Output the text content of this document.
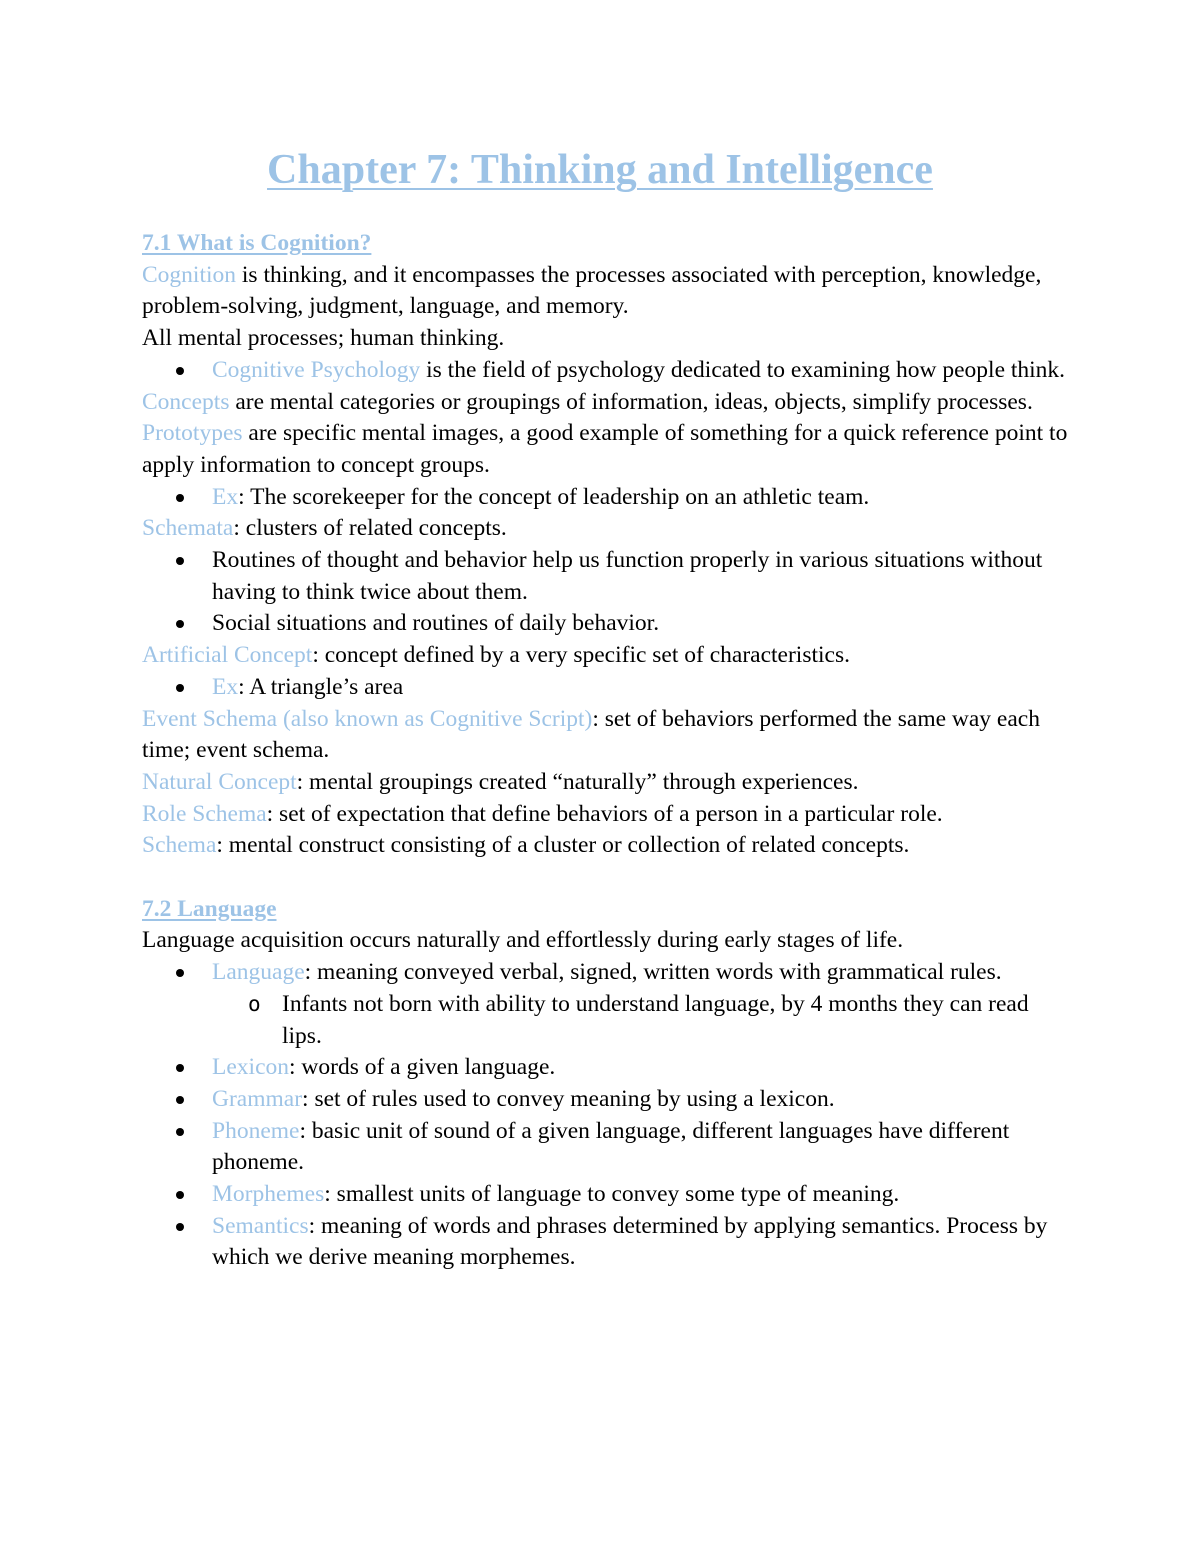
Chapter 7: Thinking and Intelligence

7.1 What is Cognition?

Cognition is thinking, and it encompasses the processes associated with perception, knowledge, problem-solving, judgment, language, and memory.

All mental processes; human thinking.

Cognitive Psychology is the field of psychology dedicated to examining how people think.

Concepts are mental categories or groupings of information, ideas, objects, simplify processes.

Prototypes are specific mental images, a good example of something for a quick reference point to apply information to concept groups.

Ex: The scorekeeper for the concept of leadership on an athletic team.

Schemata: clusters of related concepts.

Routines of thought and behavior help us function properly in various situations without having to think twice about them.
Social situations and routines of daily behavior.

Artificial Concept: concept defined by a very specific set of characteristics.

Ex: A triangle’s area

Event Schema (also known as Cognitive Script): set of behaviors performed the same way each time; event schema.

Natural Concept: mental groupings created “naturally” through experiences.

Role Schema: set of expectation that define behaviors of a person in a particular role.

Schema: mental construct consisting of a cluster or collection of related concepts.

7.2 Language

Language acquisition occurs naturally and effortlessly during early stages of life.

Language: meaning conveyed verbal, signed, written words with grammatical rules.
o Infants not born with ability to understand language, by 4 months they can read lips.
Lexicon: words of a given language.
Grammar: set of rules used to convey meaning by using a lexicon.
Phoneme: basic unit of sound of a given language, different languages have different phoneme.
Morphemes: smallest units of language to convey some type of meaning.
Semantics: meaning of words and phrases determined by applying semantics. Process by which we derive meaning morphemes.
